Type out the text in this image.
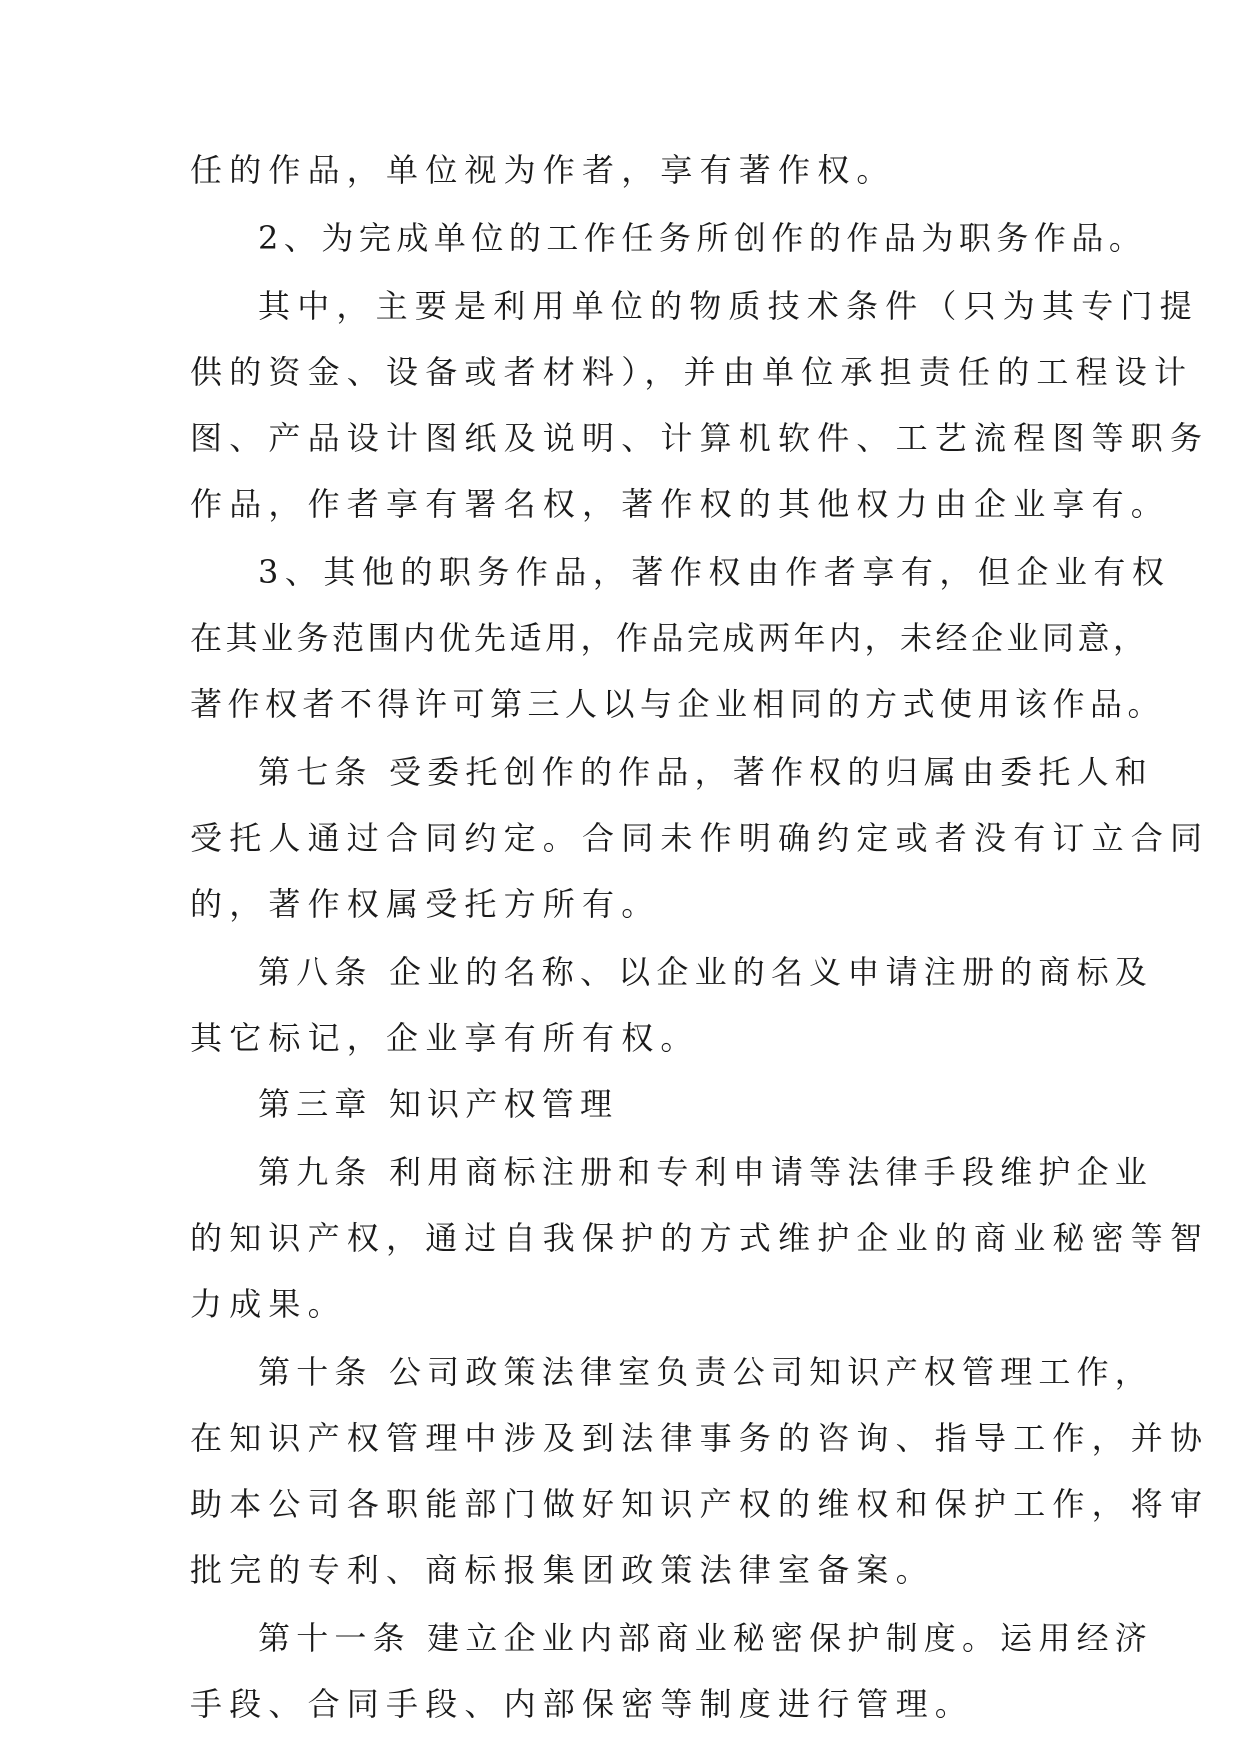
任的作品，单位视为作者，享有著作权。

2、为完成单位的工作任务所创作的作品为职务作品。

其中，主要是利用单位的物质技术条件（只为其专门提

供的资金、设备或者材料），并由单位承担责任的工程设计

图、产品设计图纸及说明、计算机软件、工艺流程图等职务

作品，作者享有署名权，著作权的其他权力由企业享有。

3、其他的职务作品，著作权由作者享有，但企业有权

在其业务范围内优先适用，作品完成两年内，未经企业同意，

著作权者不得许可第三人以与企业相同的方式使用该作品。

第七条 受委托创作的作品，著作权的归属由委托人和

受托人通过合同约定。合同未作明确约定或者没有订立合同

的，著作权属受托方所有。

第八条 企业的名称、以企业的名义申请注册的商标及

其它标记，企业享有所有权。

第三章 知识产权管理

第九条 利用商标注册和专利申请等法律手段维护企业

的知识产权，通过自我保护的方式维护企业的商业秘密等智

力成果。

第十条 公司政策法律室负责公司知识产权管理工作，

在知识产权管理中涉及到法律事务的咨询、指导工作，并协

助本公司各职能部门做好知识产权的维权和保护工作，将审

批完的专利、商标报集团政策法律室备案。

第十一条 建立企业内部商业秘密保护制度。运用经济

手段、合同手段、内部保密等制度进行管理。
